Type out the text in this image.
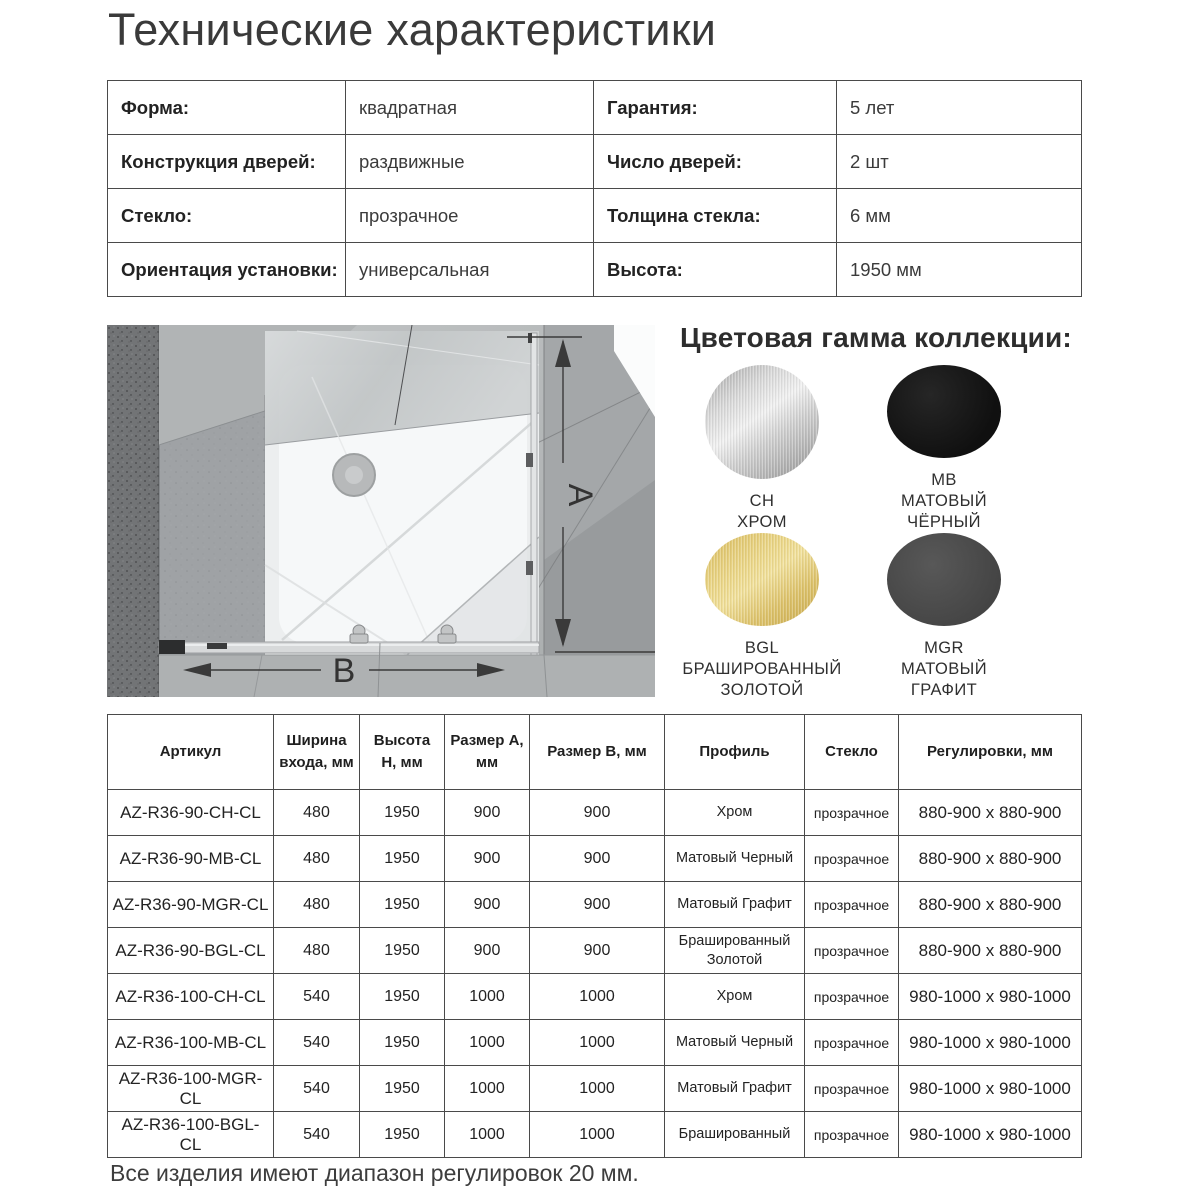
Технические характеристики
Форма:	квадратная	Гарантия:	5 лет
Конструкция дверей:	раздвижные	Число дверей:	2 шт
Стекло:	прозрачное	Толщина стекла:	6 мм
Ориентация установки:	универсальная	Высота:	1950 мм
A
B
Цветовая гамма коллекции:
CH
ХРОМ
MB
МАТОВЫЙ
ЧЁРНЫЙ
BGL
БРАШИРОВАННЫЙ
ЗОЛОТОЙ
MGR
МАТОВЫЙ
ГРАФИТ
Артикул	Ширина входа, мм	Высота H, мм	Размер A, мм	Размер B, мм	Профиль	Стекло	Регулировки, мм
AZ-R36-90-CH-CL	480	1950	900	900	Хром	прозрачное	880-900 x 880-900
AZ-R36-90-MB-CL	480	1950	900	900	Матовый Черный	прозрачное	880-900 x 880-900
AZ-R36-90-MGR-CL	480	1950	900	900	Матовый Графит	прозрачное	880-900 x 880-900
AZ-R36-90-BGL-CL	480	1950	900	900	Брашированный Золотой	прозрачное	880-900 x 880-900
AZ-R36-100-CH-CL	540	1950	1000	1000	Хром	прозрачное	980-1000 x 980-1000
AZ-R36-100-MB-CL	540	1950	1000	1000	Матовый Черный	прозрачное	980-1000 x 980-1000
AZ-R36-100-MGR-CL	540	1950	1000	1000	Матовый Графит	прозрачное	980-1000 x 980-1000
AZ-R36-100-BGL-CL	540	1950	1000	1000	Брашированный	прозрачное	980-1000 x 980-1000
Все изделия имеют диапазон регулировок 20 мм.
